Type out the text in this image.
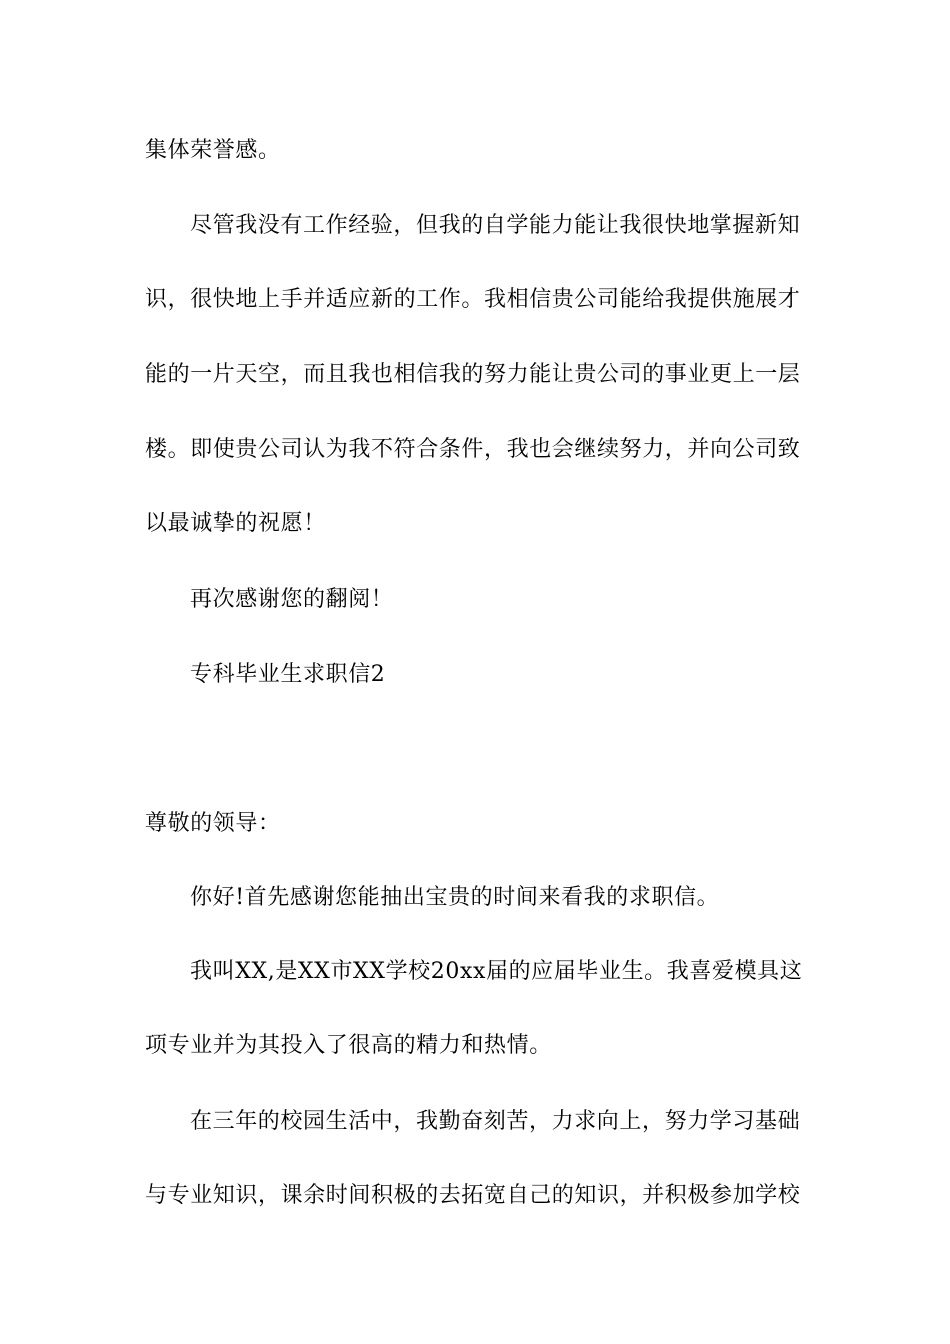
集体荣誉感。
尽管我没有工作经验，但我的自学能力能让我很快地掌握新知
识，很快地上手并适应新的工作。我相信贵公司能给我提供施展才
能的一片天空，而且我也相信我的努力能让贵公司的事业更上一层
楼。即使贵公司认为我不符合条件，我也会继续努力，并向公司致
以最诚挚的祝愿！
再次感谢您的翻阅！
专科毕业生求职信2
尊敬的领导：
你好!首先感谢您能抽出宝贵的时间来看我的求职信。
我叫XX,是XX市XX学校20xx届的应届毕业生。我喜爱模具这
项专业并为其投入了很高的精力和热情。
在三年的校园生活中，我勤奋刻苦，力求向上，努力学习基础
与专业知识，课余时间积极的去拓宽自己的知识，并积极参加学校
